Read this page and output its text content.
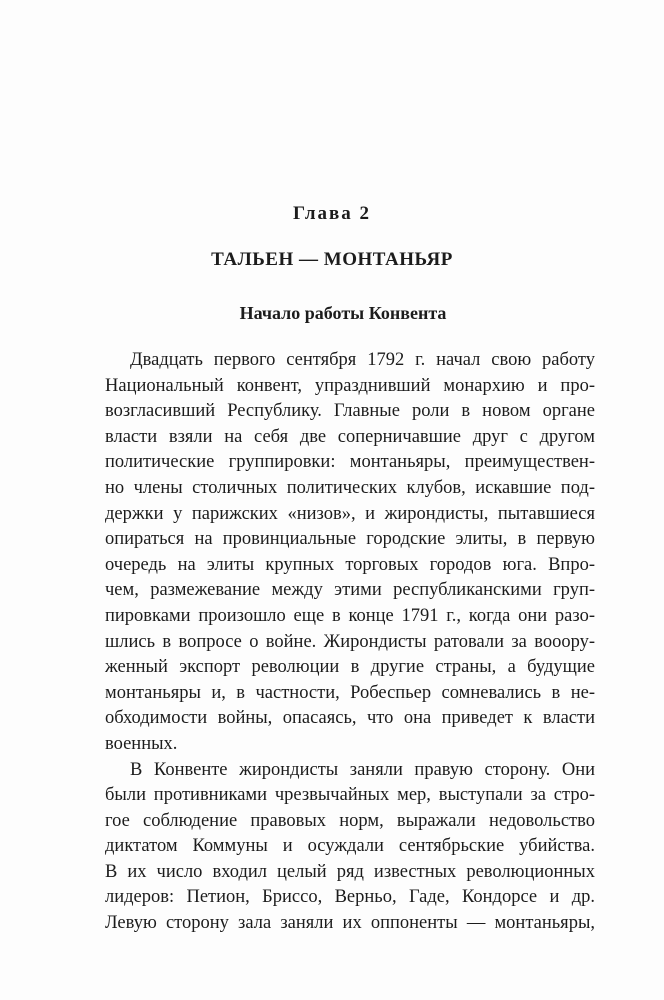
Глава 2
ТАЛЬЕН — МОНТАНЬЯР
Начало работы Конвента
Двадцать первого сентября 1792 г. начал свою работу
Национальный конвент, упразднивший монархию и про-
возгласивший Республику. Главные роли в новом органе
власти взяли на себя две соперничавшие друг с другом
политические группировки: монтаньяры, преимуществен-
но члены столичных политических клубов, искавшие под-
держки у парижских «низов», и жирондисты, пытавшиеся
опираться на провинциальные городские элиты, в первую
очередь на элиты крупных торговых городов юга. Впро-
чем, размежевание между этими республиканскими груп-
пировками произошло еще в конце 1791 г., когда они разо-
шлись в вопросе о войне. Жирондисты ратовали за вооору-
женный экспорт революции в другие страны, а будущие
монтаньяры и, в частности, Робеспьер сомневались в не-
обходимости войны, опасаясь, что она приведет к власти
военных.
В Конвенте жирондисты заняли правую сторону. Они
были противниками чрезвычайных мер, выступали за стро-
гое соблюдение правовых норм, выражали недовольство
диктатом Коммуны и осуждали сентябрьские убийства.
В их число входил целый ряд известных революционных
лидеров: Петион, Бриссо, Верньо, Гаде, Кондорсе и др.
Левую сторону зала заняли их оппоненты — монтаньяры,
